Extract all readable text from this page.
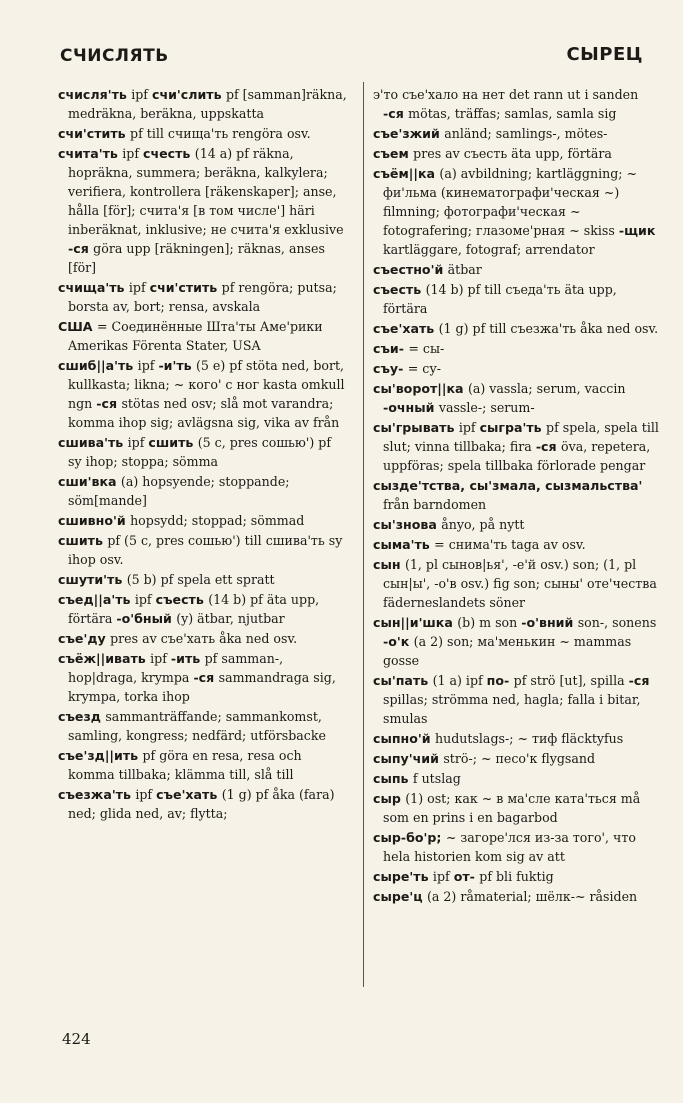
СЧИСЛЯТЬ	СЫРЕЦ
счисля'ть ipf счи'слить pf [samman]räkna, medräkna, beräkna, uppskatta
счи'стить pf till счища'ть rengöra osv.
счита'ть ipf счесть (14 a) pf räkna, hopräkna, summera; beräkna, kalkylera; verifiera, kontrollera [räkenskaper]; anse, hålla [för]; счита'я [в том числе'] häri inberäknat, inklusive; не счита'я exklusive -ся göra upp [räkningen]; räknas, anses [för]
счища'ть ipf счи'стить pf rengöra; putsa; borsta av, bort; rensa, avskala
США = Соединённые Шта'ты Аме'рики Amerikas Förenta Stater, USA
сшиб||а'ть ipf -и'ть (5 e) pf stöta ned, bort, kullkasta; likna; ~ кого' с ног kasta omkull ngn -ся stötas ned osv; slå mot varandra; komma ihop sig; avlägsna sig, vika av från
сшива'ть ipf сшить (5 c, pres сошью') pf sy ihop; stoppa; sömma
сши'вка (a) hopsyende; stoppande; söm[mande]
сшивно'й hopsydd; stoppad; sömmad
сшить pf (5 c, pres сошью') till сшива'ть sy ihop osv.
сшути'ть (5 b) pf spela ett spratt
съед||а'ть ipf съесть (14 b) pf äta upp, förtära -о'бный (y) ätbar, njutbar
съе'ду pres av съе'хать åka ned osv.
съёж||ивать ipf -ить pf samman-, hop|draga, krympa -ся sammandraga sig, krympa, torka ihop
съезд sammanträffande; sammankomst, samling, kongress; nedfärd; utförsbacke
съе'зд||ить pf göra en resa, resa och komma tillbaka; klämma till, slå till
съезжа'ть ipf съе'хать (1 g) pf åka (fara) ned; glida ned, av; flytta;
э'то съе'хало на нет det rann ut i sanden -ся mötas, träffas; samlas, samla sig
съе'зжий anländ; samlings-, mötes-
съем pres av съесть äta upp, förtära
съём||ка (a) avbildning; kartläggning; ~ фи'льма (кинематографи'ческая ~) filmning; фотографи'ческая ~ fotografering; глазоме'рная ~ skiss -щик kartläggare, fotograf; arrendator
съестно'й ätbar
съесть (14 b) pf till съеда'ть äta upp, förtära
съе'хать (1 g) pf till съезжа'ть åka ned osv.
съи- = сы-
съу- = су-
сы'ворот||ка (a) vassla; serum, vaccin -очный vassle-; serum-
сы'грывать ipf сыгра'ть pf spela, spela till slut; vinna tillbaka; fira -ся öva, repetera, uppföras; spela tillbaka förlorade pengar
сызде'тства, сы'змала, сызмальства' från barndomen
сы'знова ånyo, på nytt
сыма'ть = снима'ть taga av osv.
сын (1, pl сынов|ья', -е'й osv.) son; (1, pl сын|ы', -о'в osv.) fig son; сыны' оте'чества fäderneslandets söner
сын||и'шка (b) m son -о'вний son-, sonens -о'к (a 2) son; ма'менькин ~ mammas gosse
сы'пать (1 a) ipf по- pf strö [ut], spilla -ся spillas; strömma ned, hagla; falla i bitar, smulas
сыпно'й hudutslags-; ~ тиф fläcktyfus
сыпу'чий strö-; ~ песо'к flygsand
сыпь f utslag
сыр (1) ost; как ~ в ма'сле ката'ться må som en prins i en bagarbod
сыр-бо'р; ~ загоре'лся из-за того', что hela historien kom sig av att
сыре'ть ipf от- pf bli fuktig
сыре'ц (a 2) råmaterial; шёлк-~ råsiden
424
